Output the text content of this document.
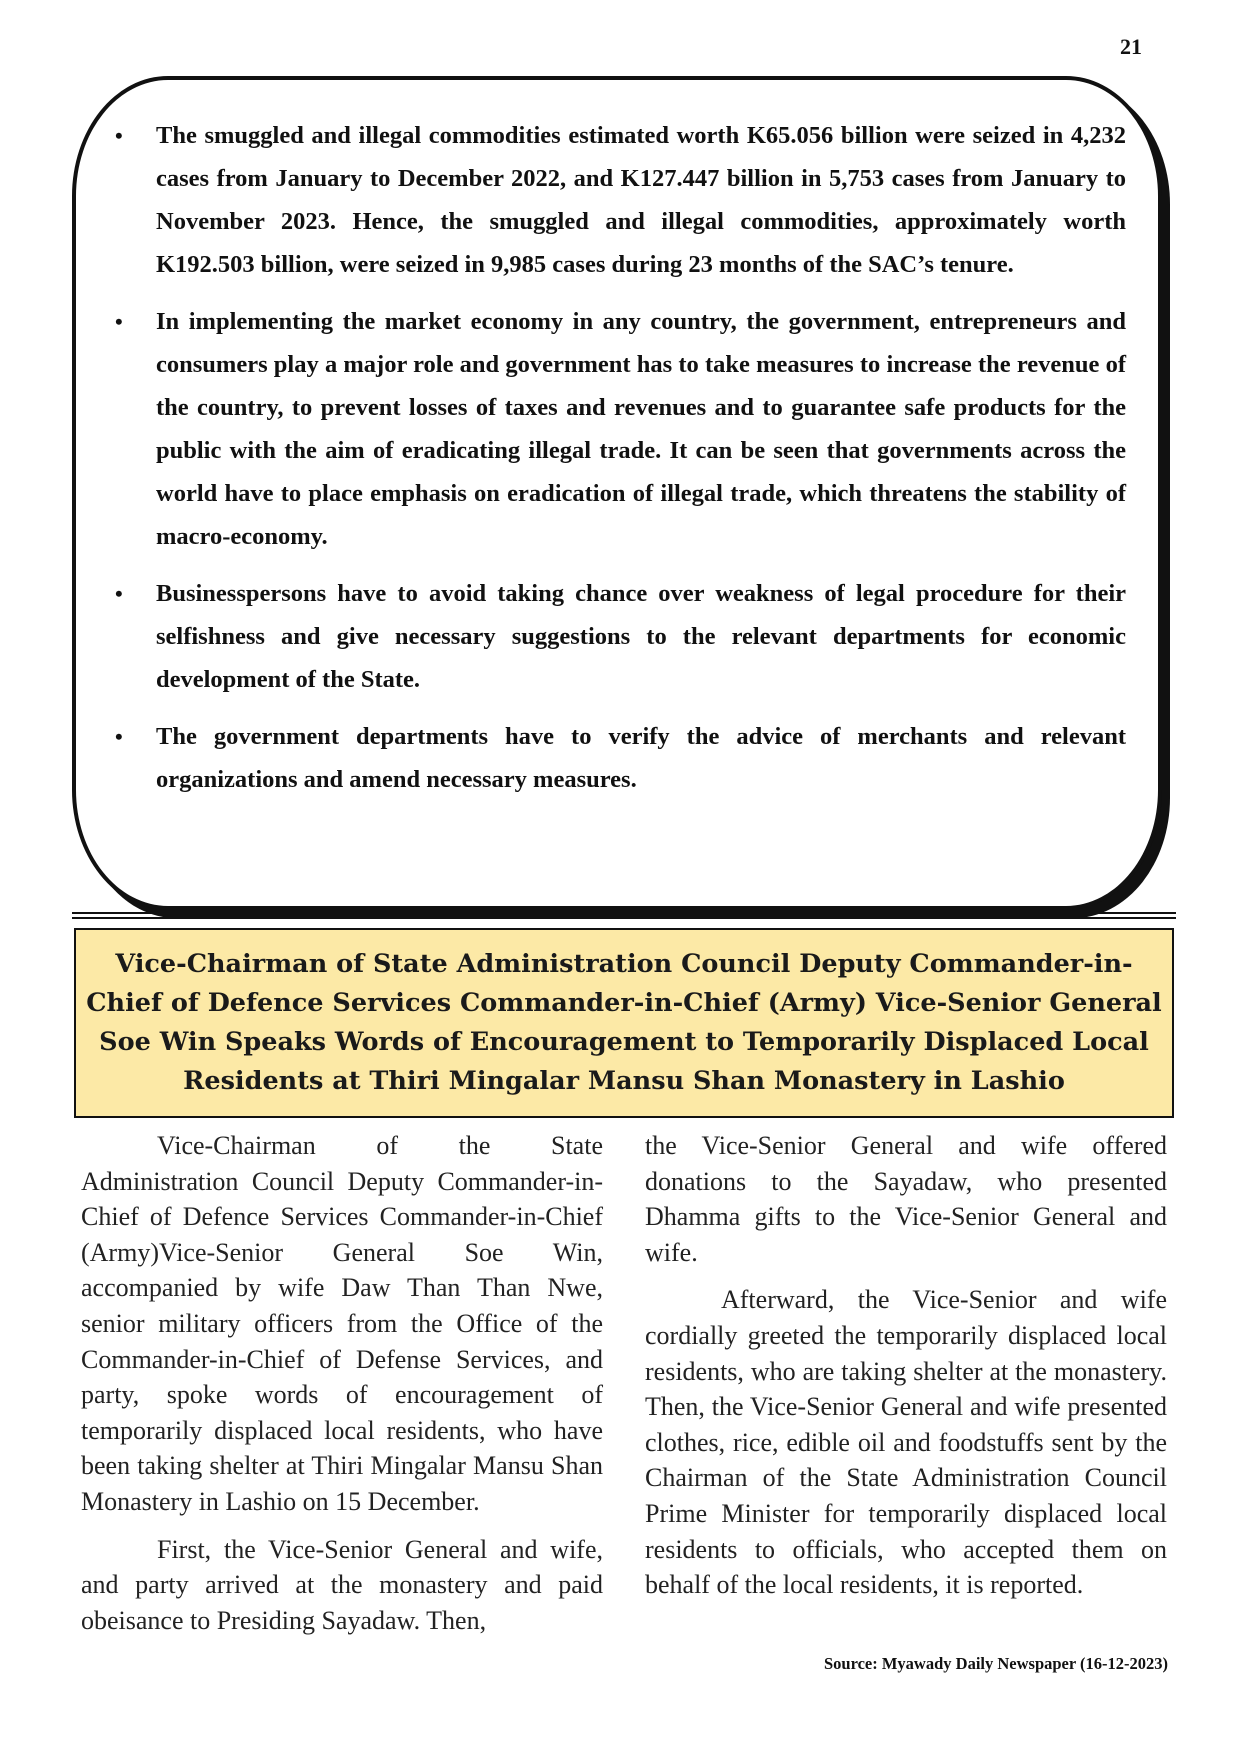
21
• The smuggled and illegal commodities estimated worth K65.056 billion were seized in 4,232 cases from January to December 2022, and K127.447 billion in 5,753 cases from January to November 2023. Hence, the smuggled and illegal commodities, approximately worth K192.503 billion, were seized in 9,985 cases during 23 months of the SAC’s tenure.
• In implementing the market economy in any country, the government, entrepreneurs and consumers play a major role and government has to take measures to increase the revenue of the country, to prevent losses of taxes and revenues and to guarantee safe products for the public with the aim of eradicating illegal trade. It can be seen that governments across the world have to place emphasis on eradication of illegal trade, which threatens the stability of macro-economy.
• Businesspersons have to avoid taking chance over weakness of legal procedure for their selfishness and give necessary suggestions to the relevant departments for economic development of the State.
• The government departments have to verify the advice of merchants and relevant organizations and amend necessary measures.
Vice-Chairman of State Administration Council Deputy Commander-in-Chief of Defence Services Commander-in-Chief (Army) Vice-Senior General Soe Win Speaks Words of Encouragement to Temporarily Displaced Local Residents at Thiri Mingalar Mansu Shan Monastery in Lashio

Vice-Chairman of the State Administration Council Deputy Commander-in-Chief of Defence Services Commander-in-Chief (Army)Vice-Senior General Soe Win, accompanied by wife Daw Than Than Nwe, senior military officers from the Office of the Commander-in-Chief of Defense Services, and party, spoke words of encouragement of temporarily displaced local residents, who have been taking shelter at Thiri Mingalar Mansu Shan Monastery in Lashio on 15 December.

First, the Vice-Senior General and wife, and party arrived at the monastery and paid obeisance to Presiding Sayadaw. Then,

the Vice-Senior General and wife offered donations to the Sayadaw, who presented Dhamma gifts to the Vice-Senior General and wife.

Afterward, the Vice-Senior and wife cordially greeted the temporarily displaced local residents, who are taking shelter at the monastery. Then, the Vice-Senior General and wife presented clothes, rice, edible oil and foodstuffs sent by the Chairman of the State Administration Council Prime Minister for temporarily displaced local residents to officials, who accepted them on behalf of the local residents, it is reported.

Source: Myawady Daily Newspaper (16-12-2023)
